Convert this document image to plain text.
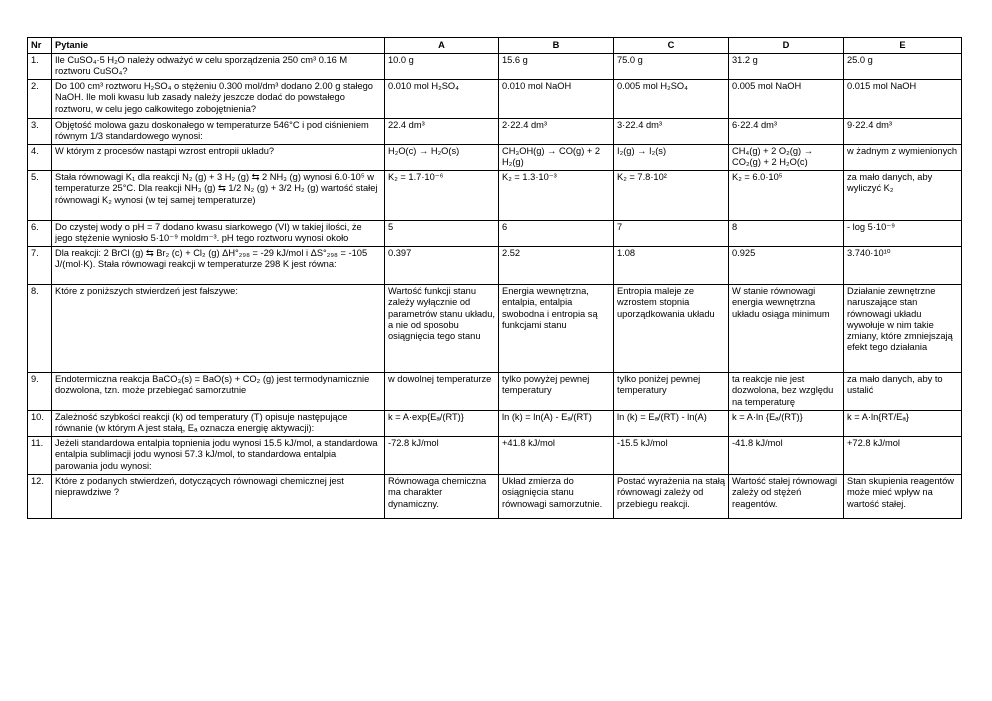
Nr	Pytanie	A	B	C	D	E
1.	Ile CuSO₄·5 H₂O należy odważyć w celu sporządzenia 250 cm³ 0.16 M roztworu CuSO₄?	10.0 g	15.6 g	75.0 g	31.2 g	25.0 g
2.	Do 100 cm³ roztworu H₂SO₄ o stężeniu 0.300 mol/dm³ dodano 2.00 g stałego NaOH. Ile moli kwasu lub zasady należy jeszcze dodać do powstałego roztworu, w celu jego całkowitego zobojętnienia?	0.010 mol H₂SO₄	0.010 mol NaOH	0.005 mol H₂SO₄	0.005 mol NaOH	0.015 mol NaOH
3.	Objętość molowa gazu doskonałego w temperaturze 546°C i pod ciśnieniem równym 1/3 standardowego wynosi:	22.4 dm³	2·22.4 dm³	3·22.4 dm³	6·22.4 dm³	9·22.4 dm³
4.	W którym z procesów nastąpi wzrost entropii układu?	H₂O(c) → H₂O(s)	CH₃OH(g) → CO(g) + 2 H₂(g)	I₂(g) → I₂(s)	CH₄(g) + 2 O₂(g) → CO₂(g) + 2 H₂O(c)	w żadnym z wymienionych
5.	Stała równowagi K₁ dla reakcji N₂ (g) + 3 H₂ (g) ⇆ 2 NH₃ (g) wynosi 6.0·10⁵ w temperaturze 25°C. Dla reakcji NH₃ (g) ⇆ 1/2 N₂ (g) + 3/2 H₂ (g) wartość stałej równowagi K₂ wynosi (w tej samej temperaturze)	K₂ = 1.7·10⁻⁶	K₂ = 1.3·10⁻³	K₂ = 7.8·10²	K₂ = 6.0·10⁵	za mało danych, aby wyliczyć K₂
6.	Do czystej wody o pH = 7 dodano kwasu siarkowego (VI) w takiej ilości, że jego stężenie wyniosło 5·10⁻⁹ moldm⁻³. pH tego roztworu wynosi około	5	6	7	8	- log 5·10⁻⁹
7.	Dla reakcji: 2 BrCl (g) ⇆ Br₂ (c) + Cl₂ (g) ΔH°₂₉₈ = -29 kJ/mol i ΔS°₂₉₈ = -105 J/(mol·K). Stała równowagi reakcji w temperaturze 298 K jest równa:	0.397	2.52	1.08	0.925	3.740·10¹⁰
8.	Które z poniższych stwierdzeń jest fałszywe:	Wartość funkcji stanu zależy wyłącznie od parametrów stanu układu, a nie od sposobu osiągnięcia tego stanu	Energia wewnętrzna, entalpia, entalpia swobodna i entropia są funkcjami stanu	Entropia maleje ze wzrostem stopnia uporządkowania układu	W stanie równowagi energia wewnętrzna układu osiąga minimum	Działanie zewnętrzne naruszające stan równowagi układu wywołuje w nim takie zmiany, które zmniejszają efekt tego działania
9.	Endotermiczna reakcja BaCO₃(s) = BaO(s) + CO₂ (g) jest termodynamicznie dozwolona, tzn. może przebiegać samorzutnie	w dowolnej temperaturze	tylko powyżej pewnej temperatury	tylko poniżej pewnej temperatury	ta reakcje nie jest dozwolona, bez względu na temperaturę	za mało danych, aby to ustalić
10.	Zależność szybkości reakcji (k) od temperatury (T) opisuje następujące równanie (w którym A jest stałą, Eₐ oznacza energię aktywacji):	k = A·exp{Eₐ/(RT)}	ln (k) = ln(A) - Eₐ/(RT)	ln (k) = Eₐ/(RT) - ln(A)	k = A·ln {Eₐ/(RT)}	k = A·ln{RT/Eₐ}
11.	Jeżeli standardowa entalpia topnienia jodu wynosi 15.5 kJ/mol, a standardowa entalpia sublimacji jodu wynosi 57.3 kJ/mol, to standardowa entalpia parowania jodu wynosi:	-72.8 kJ/mol	+41.8 kJ/mol	-15.5 kJ/mol	-41.8 kJ/mol	+72.8 kJ/mol
12.	Które z podanych stwierdzeń, dotyczących równowagi chemicznej jest nieprawdziwe ?	Równowaga chemiczna ma charakter dynamiczny.	Układ zmierza do osiągnięcia stanu równowagi samorzutnie.	Postać wyrażenia na stałą równowagi zależy od przebiegu reakcji.	Wartość stałej równowagi zależy od stężeń reagentów.	Stan skupienia reagentów może mieć wpływ na wartość stałej.
